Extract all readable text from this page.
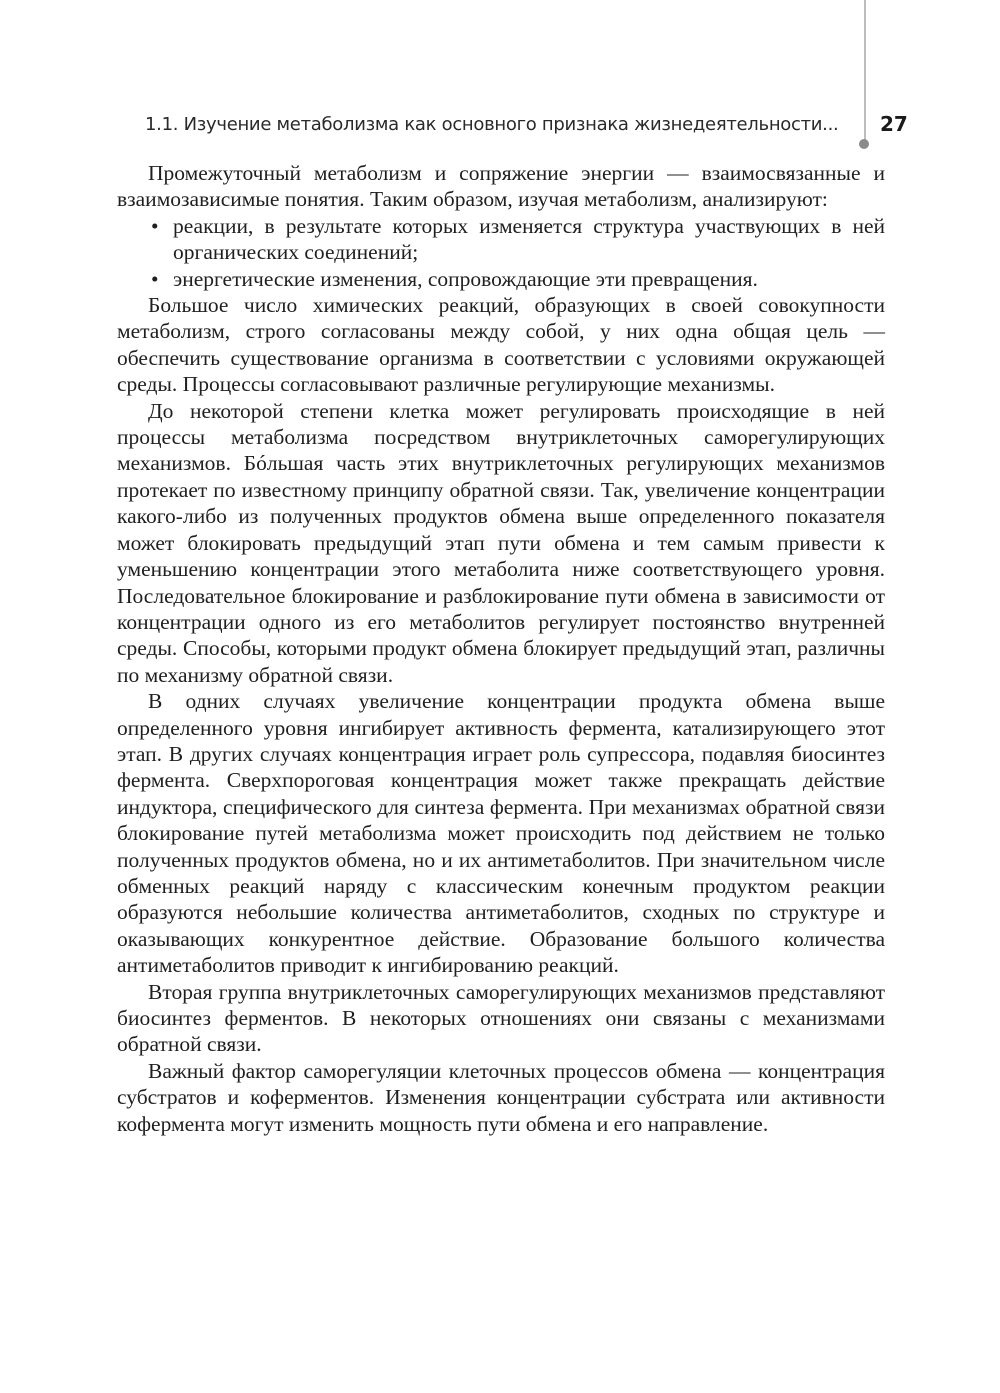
1.1. Изучение метаболизма как основного признака жизнедеятельности... 27

Промежуточный метаболизм и сопряжение энергии — взаимосвязанные и взаимозависимые понятия. Таким образом, изучая метаболизм, анализируют:

• реакции, в результате которых изменяется структура участвующих в ней органических соединений;
• энергетические изменения, сопровождающие эти превращения.

Большое число химических реакций, образующих в своей совокупности метаболизм, строго согласованы между собой, у них одна общая цель — обеспечить существование организма в соответствии с условиями окружающей среды. Процессы согласовывают различные регулирующие механизмы.

До некоторой степени клетка может регулировать происходящие в ней процессы метаболизма посредством внутриклеточных саморегулирующих механизмов. Бóльшая часть этих внутриклеточных регулирующих механизмов протекает по известному принципу обратной связи. Так, увеличение концентрации какого-либо из полученных продуктов обмена выше определенного показателя может блокировать предыдущий этап пути обмена и тем самым привести к уменьшению концентрации этого метаболита ниже соответствующего уровня. Последовательное блокирование и разблокирование пути обмена в зависимости от концентрации одного из его метаболитов регулирует постоянство внутренней среды. Способы, которыми продукт обмена блокирует предыдущий этап, различны по механизму обратной связи.

В одних случаях увеличение концентрации продукта обмена выше определенного уровня ингибирует активность фермента, катализирующего этот этап. В других случаях концентрация играет роль супрессора, подавляя биосинтез фермента. Сверхпороговая концентрация может также прекращать действие индуктора, специфического для синтеза фермента. При механизмах обратной связи блокирование путей метаболизма может происходить под действием не только полученных продуктов обмена, но и их антиметаболитов. При значительном числе обменных реакций наряду с классическим конечным продуктом реакции образуются небольшие количества антиметаболитов, сходных по структуре и оказывающих конкурентное действие. Образование большого количества антиметаболитов приводит к ингибированию реакций.

Вторая группа внутриклеточных саморегулирующих механизмов представляют биосинтез ферментов. В некоторых отношениях они связаны с механизмами обратной связи.

Важный фактор саморегуляции клеточных процессов обмена — концентрация субстратов и коферментов. Изменения концентрации субстрата или активности кофермента могут изменить мощность пути обмена и его направление.
